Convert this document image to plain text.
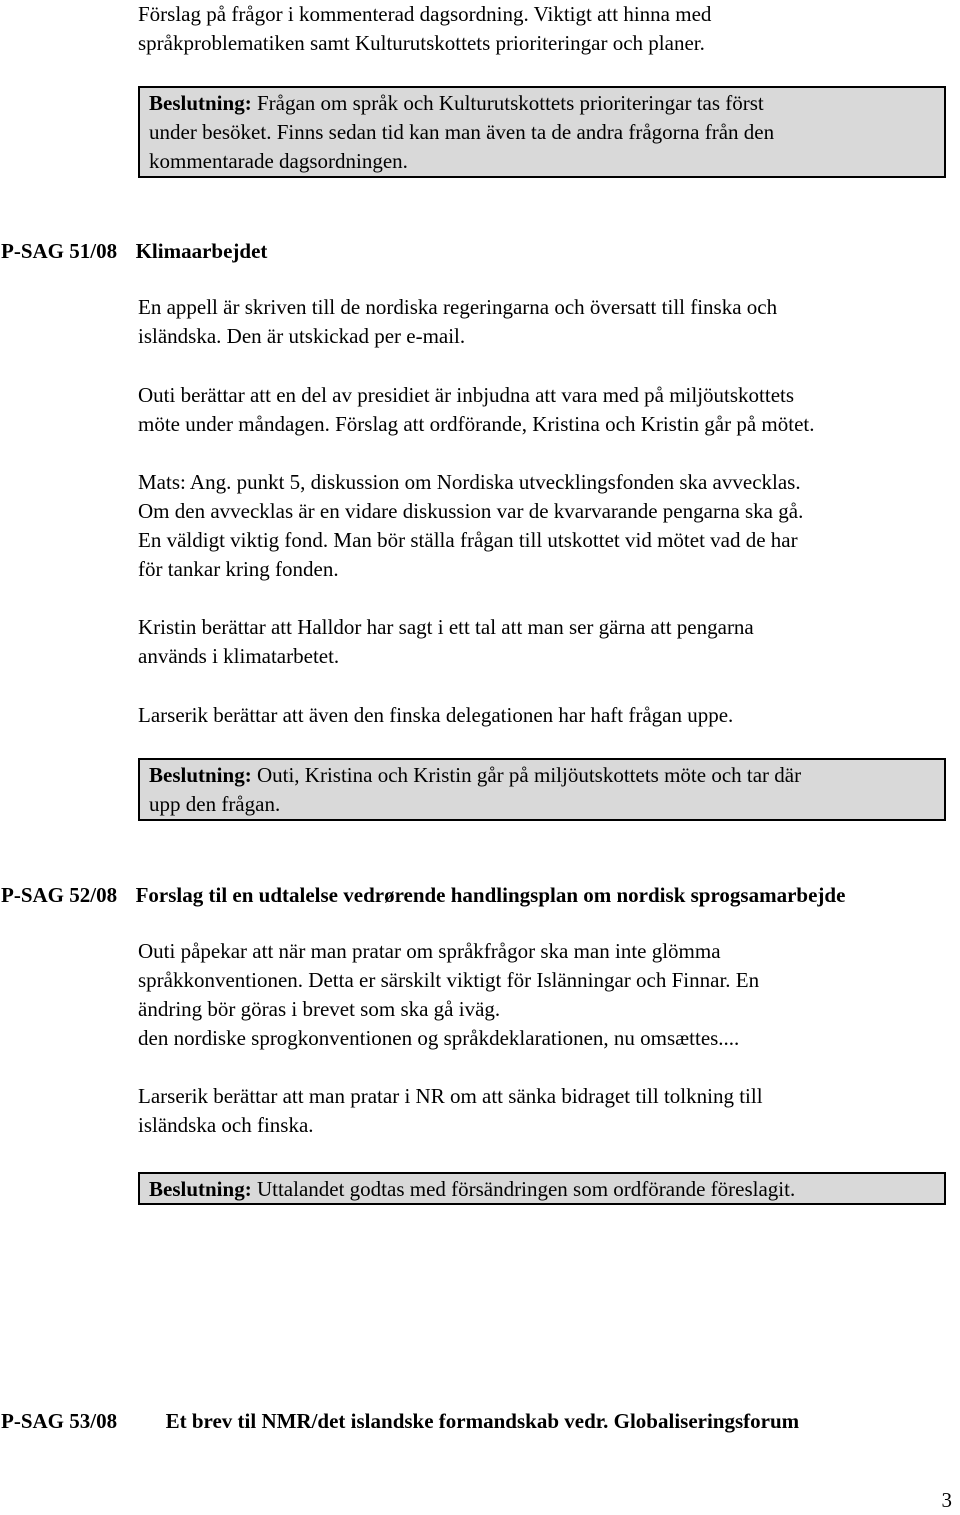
Förslag på frågor i kommenterad dagsordning. Viktigt att hinna med
språkproblematiken samt Kulturutskottets prioriteringar och planer.
Beslutning: Frågan om språk och Kulturutskottets prioriteringar tas först
under besöket. Finns sedan tid kan man även ta de andra frågorna från den
kommentarade dagsordningen.
P-SAG 51/08 Klimaarbejdet
En appell är skriven till de nordiska regeringarna och översatt till finska och
isländska. Den är utskickad per e-mail.
Outi berättar att en del av presidiet är inbjudna att vara med på miljöutskottets
möte under måndagen. Förslag att ordförande, Kristina och Kristin går på mötet.
Mats: Ang. punkt 5, diskussion om Nordiska utvecklingsfonden ska avvecklas.
Om den avvecklas är en vidare diskussion var de kvarvarande pengarna ska gå.
En väldigt viktig fond. Man bör ställa frågan till utskottet vid mötet vad de har
för tankar kring fonden.
Kristin berättar att Halldor har sagt i ett tal att man ser gärna att pengarna
används i klimatarbetet.
Larserik berättar att även den finska delegationen har haft frågan uppe.
Beslutning: Outi, Kristina och Kristin går på miljöutskottets möte och tar där
upp den frågan.
P-SAG 52/08 Forslag til en udtalelse vedrørende handlingsplan om nordisk sprogsamarbejde
Outi påpekar att när man pratar om språkfrågor ska man inte glömma
språkkonventionen. Detta er särskilt viktigt för Islänningar och Finnar. En
ändring bör göras i brevet som ska gå iväg.
den nordiske sprogkonventionen og språkdeklarationen, nu omsættes....
Larserik berättar att man pratar i NR om att sänka bidraget till tolkning till
isländska och finska.
Beslutning: Uttalandet godtas med försändringen som ordförande föreslagit.
P-SAG 53/08 Et brev til NMR/det islandske formandskab vedr. Globaliseringsforum
3
